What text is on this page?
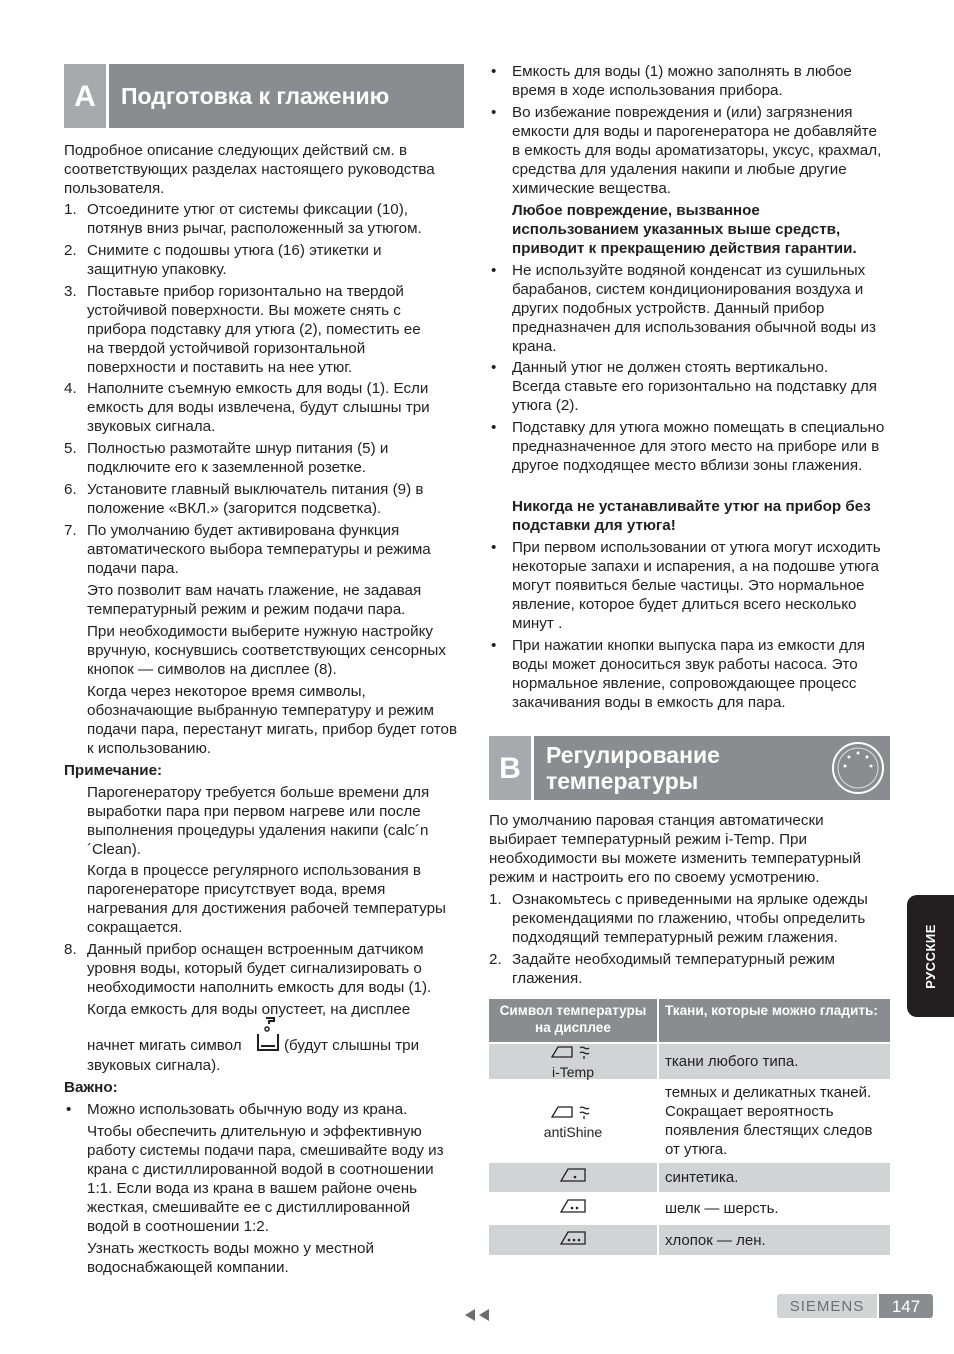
A	Подготовка к глажению

Подробное описание следующих действий см. в соответствующих разделах настоящего руководства пользователя.

1. Отсоедините утюг от системы фиксации (10), потянув вниз рычаг, расположенный за утюгом.

2. Снимите с подошвы утюга (16) этикетки и защитную упаковку.

3. Поставьте прибор горизонтально на твердой устойчивой поверхности. Вы можете снять с прибора подставку для утюга (2), поместить ее на твердой устойчивой горизонтальной поверхности и поставить на нее утюг.

4. Наполните съемную емкость для воды (1). Если емкость для воды извлечена, будут слышны три звуковых сигнала.

5. Полностью размотайте шнур питания (5) и подключите его к заземленной розетке.

6. Установите главный выключатель питания (9) в положение «ВКЛ.» (загорится подсветка).

7. По умолчанию будет активирована функция автоматического выбора температуры и режима подачи пара.

Это позволит вам начать глажение, не задавая температурный режим и режим подачи пара.

При необходимости выберите нужную настройку вручную, коснувшись соответствующих сенсорных кнопок — символов на дисплее (8).

Когда через некоторое время символы, обозначающие выбранную температуру и режим подачи пара, перестанут мигать, прибор будет готов к использованию.

Примечание:

Парогенератору требуется больше времени для выработки пара при первом нагреве или после выполнения процедуры удаления накипи (calc´n´Clean).

Когда в процессе регулярного использования в парогенераторе присутствует вода, время нагревания для достижения рабочей температуры сокращается.

8. Данный прибор оснащен встроенным датчиком уровня воды, который будет сигнализировать о необходимости наполнить емкость для воды (1).

Когда емкость для воды опустеет, на дисплее

начнет мигать символ	(будут слышны три

звуковых сигнала).

Важно:

• Можно использовать обычную воду из крана.

Чтобы обеспечить длительную и эффективную работу системы подачи пара, смешивайте воду из крана с дистиллированной водой в соотношении 1:1. Если вода из крана в вашем районе очень жесткая, смешивайте ее с дистиллированной водой в соотношении 1:2.

Узнать жесткость воды можно у местной водоснабжающей компании.

• Емкость для воды (1) можно заполнять в любое время в ходе использования прибора.

• Во избежание повреждения и (или) загрязнения емкости для воды и парогенератора не добавляйте в емкость для воды ароматизаторы, уксус, крахмал, средства для удаления накипи и любые другие химические вещества.

Любое повреждение, вызванное использованием указанных выше средств, приводит к прекращению действия гарантии.

• Не используйте водяной конденсат из сушильных барабанов, систем кондиционирования воздуха и других подобных устройств. Данный прибор предназначен для использования обычной воды из крана.

• Данный утюг не должен стоять вертикально. Всегда ставьте его горизонтально на подставку для утюга (2).

• Подставку для утюга можно помещать в специально предназначенное для этого место на приборе или в другое подходящее место вблизи зоны глажения.

Никогда не устанавливайте утюг на прибор без подставки для утюга!

• При первом использовании от утюга могут исходить некоторые запахи и испарения, а на подошве утюга могут появиться белые частицы. Это нормальное явление, которое будет длиться всего несколько минут .

• При нажатии кнопки выпуска пара из емкости для воды может доноситься звук работы насоса. Это нормальное явление, сопровождающее процесс закачивания воды в емкость для пара.

B	Регулирование температуры

По умолчанию паровая станция автоматически выбирает температурный режим i-Temp. При необходимости вы можете изменить температурный режим и настроить его по своему усмотрению.

1. Ознакомьтесь с приведенными на ярлыке одежды рекомендациями по глажению, чтобы определить подходящий температурный режим глажения.

2. Задайте необходимый температурный режим глажения.

Символ температуры на дисплее	Ткани, которые можно гладить:

i-Temp	ткани любого типа.

antiShine	темных и деликатных тканей. Сокращает вероятность появления блестящих следов от утюга.
	синтетика.
	шелк — шерсть.
	хлопок — лен.
РУССКИЕ
SIEMENS	147
